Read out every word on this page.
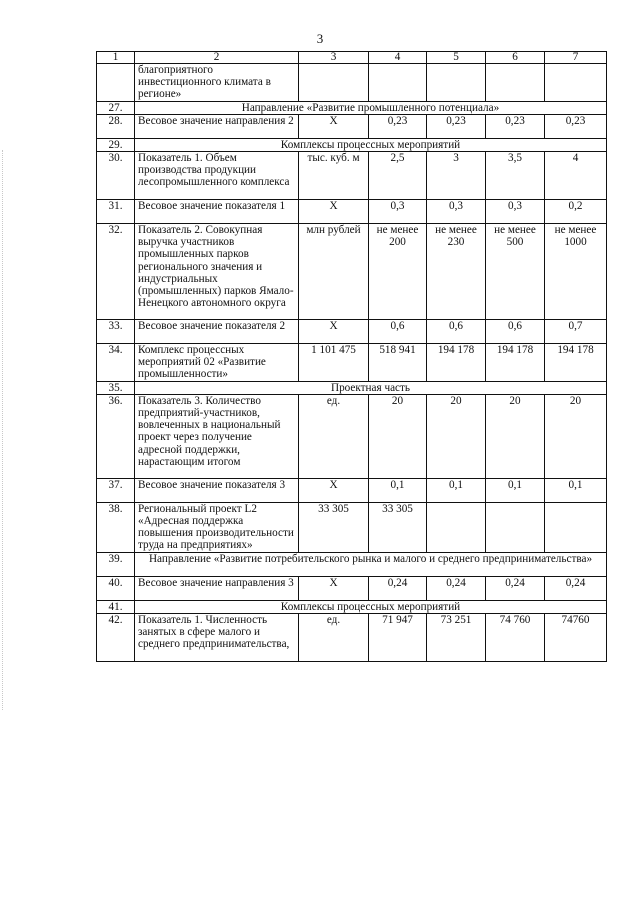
3
1	2	3	4	5	6	7
	благоприятного инвестиционного климата в регионе»					
27.	Направление «Развитие промышленного потенциала»					
28.	Весовое значение направления 2	X	0,23	0,23	0,23	0,23
29.	Комплексы процессных мероприятий					
30.	Показатель 1. Объем производства продукции лесопромышленного комплекса	тыс. куб. м	2,5	3	3,5	4
31.	Весовое значение показателя 1	X	0,3	0,3	0,3	0,2
32.	Показатель 2. Совокупная выручка участников промышленных парков регионального значения и индустриальных (промышленных) парков Ямало-Ненецкого автономного округа	млн рублей	не менее 200	не менее 230	не менее 500	не менее 1000
33.	Весовое значение показателя 2	X	0,6	0,6	0,6	0,7
34.	Комплекс процессных мероприятий 02 «Развитие промышленности»	1 101 475	518 941	194 178	194 178	194 178
35.	Проектная часть					
36.	Показатель 3. Количество предприятий-участников, вовлеченных в национальный проект через получение адресной поддержки, нарастающим итогом	ед.	20	20	20	20
37.	Весовое значение показателя 3	X	0,1	0,1	0,1	0,1
38.	Региональный проект L2 «Адресная поддержка повышения производительности труда на предприятиях»	33 305	33 305			
39.	Направление «Развитие потребительского рынка и малого и среднего предпринимательства»					
40.	Весовое значение направления 3	X	0,24	0,24	0,24	0,24
41.	Комплексы процессных мероприятий					
42.	Показатель 1. Численность занятых в сфере малого и среднего предпринимательства,	ед.	71 947	73 251	74 760	74760
